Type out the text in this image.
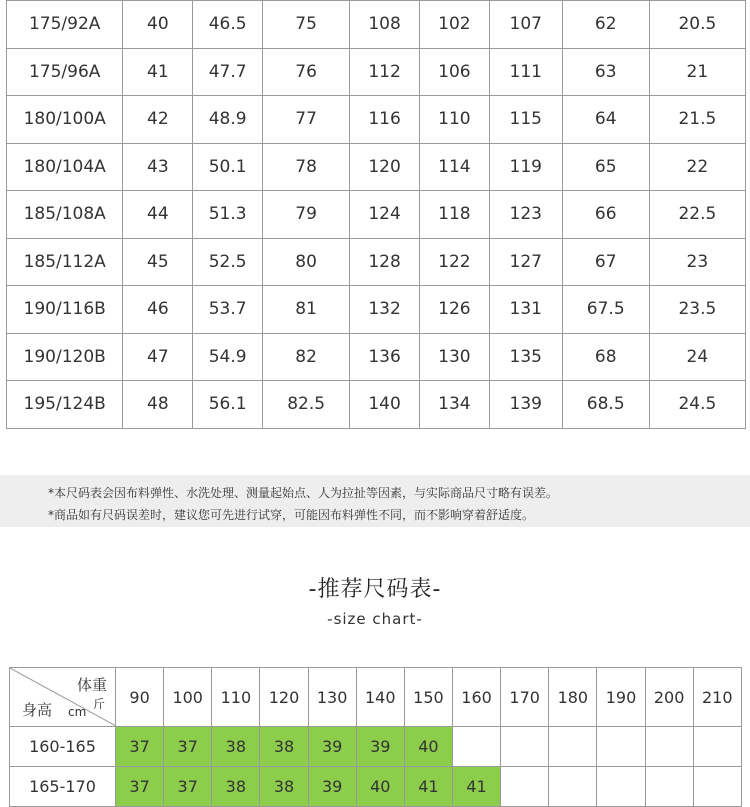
175/92A	40	46.5	75	108	102	107	62	20.5
175/96A	41	47.7	76	112	106	111	63	21
180/100A	42	48.9	77	116	110	115	64	21.5
180/104A	43	50.1	78	120	114	119	65	22
185/108A	44	51.3	79	124	118	123	66	22.5
185/112A	45	52.5	80	128	122	127	67	23
190/116B	46	53.7	81	132	126	131	67.5	23.5
190/120B	47	54.9	82	136	130	135	68	24
195/124B	48	56.1	82.5	140	134	139	68.5	24.5
*本尺码表会因布料弹性、水洗处理、测量起始点、人为拉扯等因素，与实际商品尺寸略有误差。
*商品如有尺码误差时，建议您可先进行试穿，可能因布料弹性不同，而不影响穿着舒适度。
-推荐尺码表-
-size chart-
体重
斤
身高 cm	90	100	110	120	130	140	150	160	170	180	190	200	210
160-165	37	37	38	38	39	39	40						
165-170	37	37	38	38	39	40	41	41					
